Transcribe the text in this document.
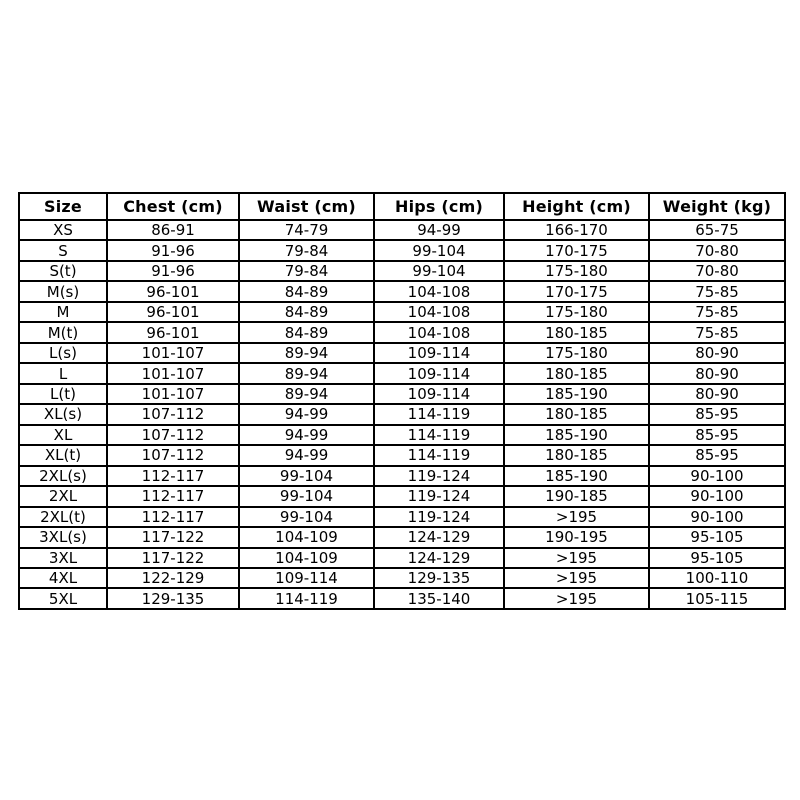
Size	Chest (cm)	Waist (cm)	Hips (cm)	Height (cm)	Weight (kg)
XS	86-91	74-79	94-99	166-170	65-75
S	91-96	79-84	99-104	170-175	70-80
S(t)	91-96	79-84	99-104	175-180	70-80
M(s)	96-101	84-89	104-108	170-175	75-85
M	96-101	84-89	104-108	175-180	75-85
M(t)	96-101	84-89	104-108	180-185	75-85
L(s)	101-107	89-94	109-114	175-180	80-90
L	101-107	89-94	109-114	180-185	80-90
L(t)	101-107	89-94	109-114	185-190	80-90
XL(s)	107-112	94-99	114-119	180-185	85-95
XL	107-112	94-99	114-119	185-190	85-95
XL(t)	107-112	94-99	114-119	180-185	85-95
2XL(s)	112-117	99-104	119-124	185-190	90-100
2XL	112-117	99-104	119-124	190-185	90-100
2XL(t)	112-117	99-104	119-124	>195	90-100
3XL(s)	117-122	104-109	124-129	190-195	95-105
3XL	117-122	104-109	124-129	>195	95-105
4XL	122-129	109-114	129-135	>195	100-110
5XL	129-135	114-119	135-140	>195	105-115
